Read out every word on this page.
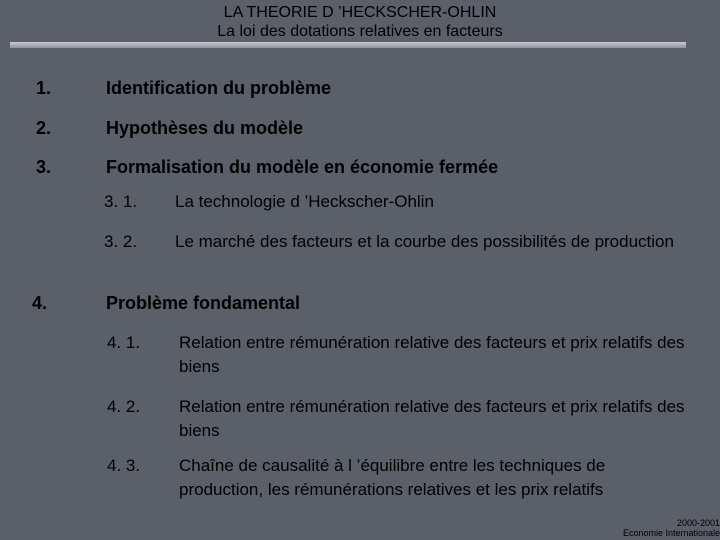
LA THEORIE D ’HECKSCHER-OHLIN
La loi des dotations relatives en facteurs
1.	Identification du problème
2.	Hypothèses du modèle
3.	Formalisation du modèle en économie fermée
3. 1. La technologie d ’Heckscher-Ohlin
3. 2. Le marché des facteurs et la courbe des possibilités de production
4.	Problème fondamental
4. 1. Relation entre rémunération relative des facteurs et prix relatifs des biens
4. 2. Relation entre rémunération relative des facteurs et prix relatifs des biens
4. 3. Chaîne de causalité à l ’équilibre entre les techniques de production, les rémunérations relatives et les prix relatifs
2000-2001
Economie Internationale
